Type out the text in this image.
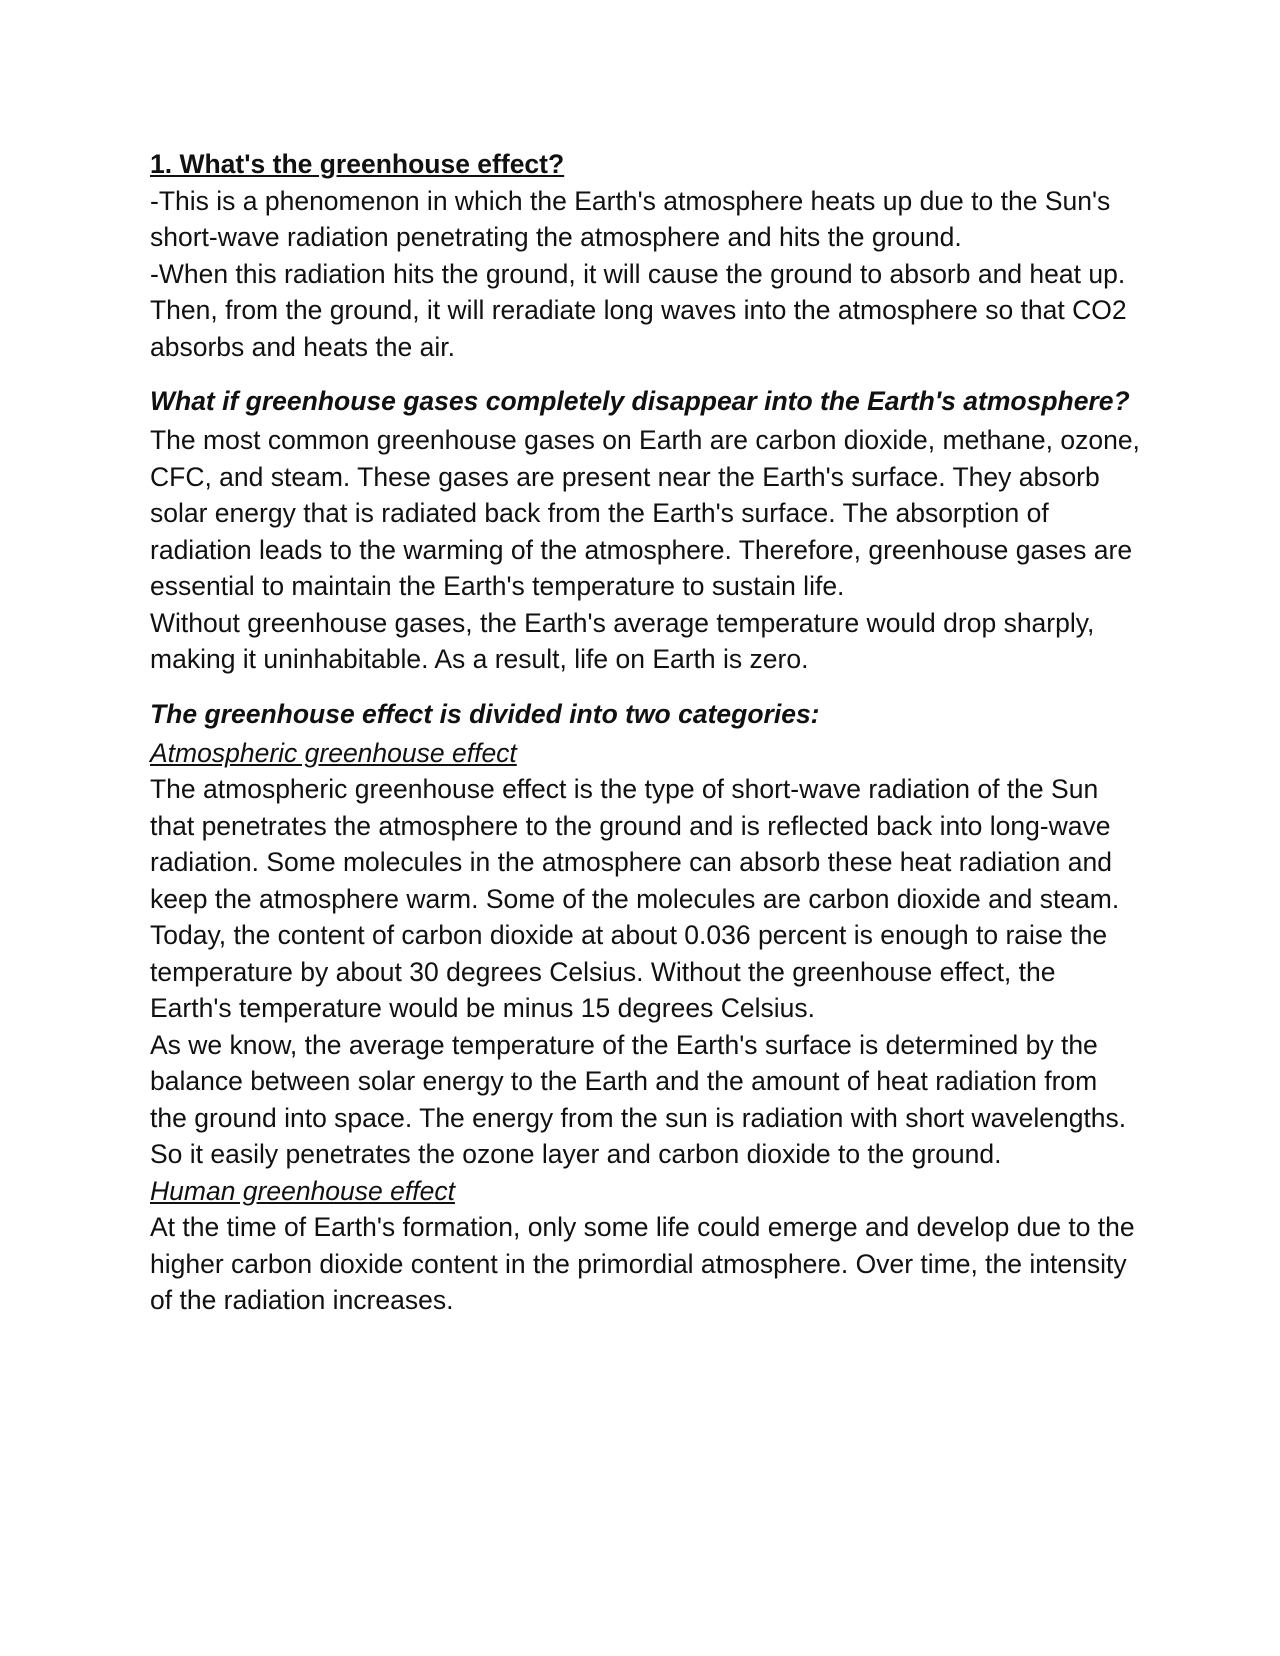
1. What's the greenhouse effect?

-This is a phenomenon in which the Earth's atmosphere heats up due to the Sun's short-wave radiation penetrating the atmosphere and hits the ground.

-When this radiation hits the ground, it will cause the ground to absorb and heat up. Then, from the ground, it will reradiate long waves into the atmosphere so that CO2 absorbs and heats the air.

What if greenhouse gases completely disappear into the Earth's atmosphere?

The most common greenhouse gases on Earth are carbon dioxide, methane, ozone, CFC, and steam. These gases are present near the Earth's surface. They absorb solar energy that is radiated back from the Earth's surface. The absorption of radiation leads to the warming of the atmosphere. Therefore, greenhouse gases are essential to maintain the Earth's temperature to sustain life.

Without greenhouse gases, the Earth's average temperature would drop sharply, making it uninhabitable. As a result, life on Earth is zero.

The greenhouse effect is divided into two categories:

Atmospheric greenhouse effect

The atmospheric greenhouse effect is the type of short-wave radiation of the Sun that penetrates the atmosphere to the ground and is reflected back into long-wave radiation. Some molecules in the atmosphere can absorb these heat radiation and keep the atmosphere warm. Some of the molecules are carbon dioxide and steam.

Today, the content of carbon dioxide at about 0.036 percent is enough to raise the temperature by about 30 degrees Celsius. Without the greenhouse effect, the Earth's temperature would be minus 15 degrees Celsius.

As we know, the average temperature of the Earth's surface is determined by the balance between solar energy to the Earth and the amount of heat radiation from the ground into space. The energy from the sun is radiation with short wavelengths. So it easily penetrates the ozone layer and carbon dioxide to the ground.

Human greenhouse effect

At the time of Earth's formation, only some life could emerge and develop due to the higher carbon dioxide content in the primordial atmosphere. Over time, the intensity of the radiation increases.
